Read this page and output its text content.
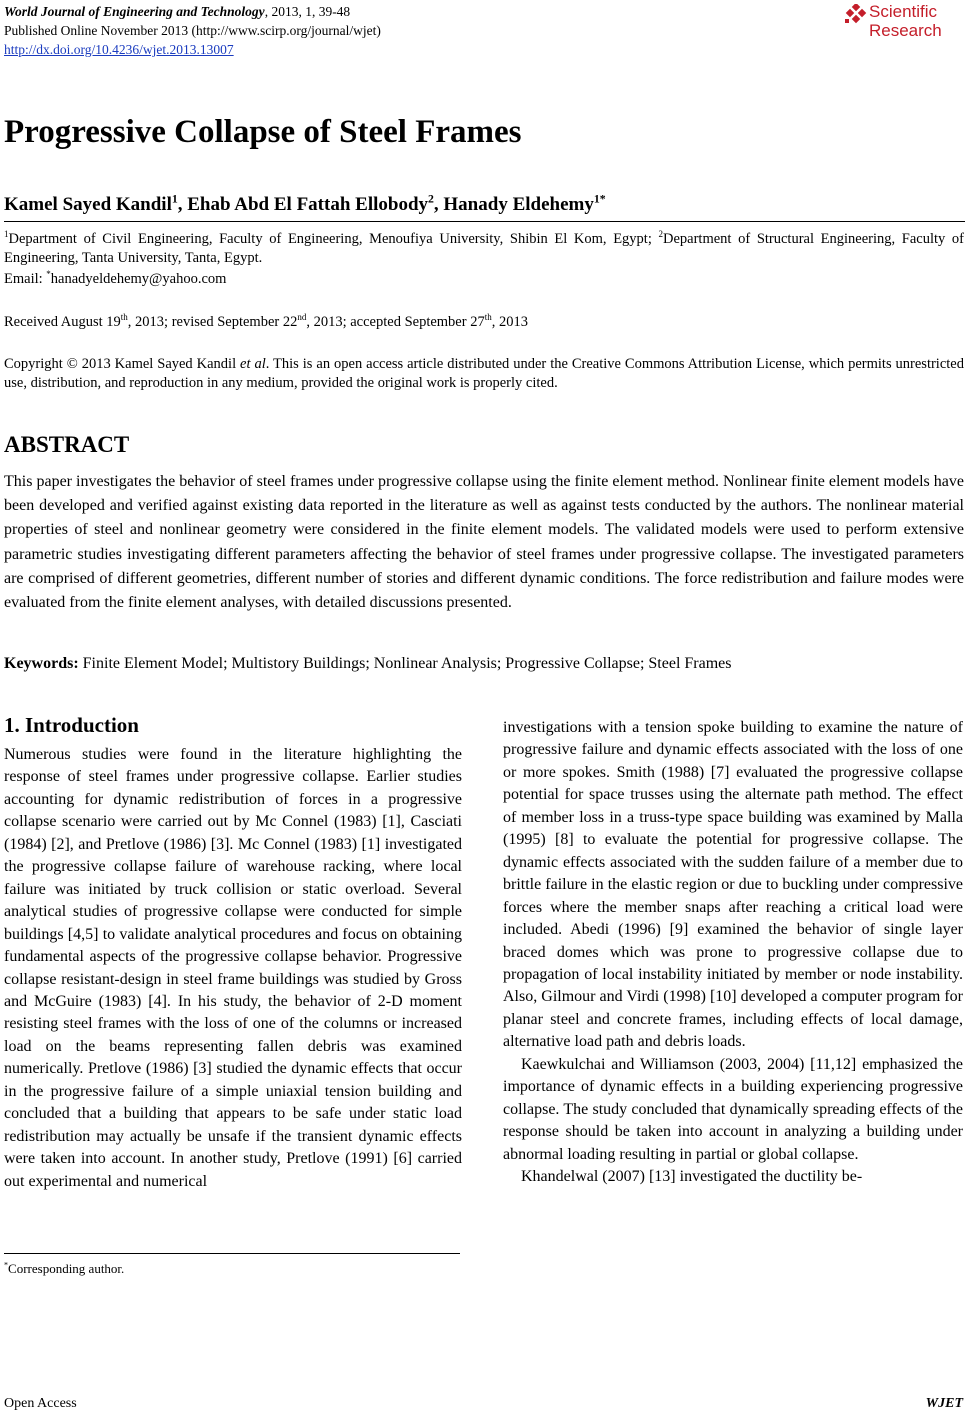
World Journal of Engineering and Technology, 2013, 1, 39-48
Published Online November 2013 (http://www.scirp.org/journal/wjet)
http://dx.doi.org/10.4236/wjet.2013.13007
Scientific Research
Progressive Collapse of Steel Frames
Kamel Sayed Kandil$^1$, Ehab Abd El Fattah Ellobody$^2$, Hanady Eldehemy$^{1*}$
$^1$Department of Civil Engineering, Faculty of Engineering, Menoufiya University, Shibin El Kom, Egypt; $^2$Department of Structural Engineering, Faculty of Engineering, Tanta University, Tanta, Egypt.
Email: *hanadyeldehemy@yahoo.com
Received August 19th, 2013; revised September 22nd, 2013; accepted September 27th, 2013
Copyright © 2013 Kamel Sayed Kandil et al. This is an open access article distributed under the Creative Commons Attribution License, which permits unrestricted use, distribution, and reproduction in any medium, provided the original work is properly cited.
ABSTRACT
This paper investigates the behavior of steel frames under progressive collapse using the finite element method. Nonlinear finite element models have been developed and verified against existing data reported in the literature as well as against tests conducted by the authors. The nonlinear material properties of steel and nonlinear geometry were considered in the finite element models. The validated models were used to perform extensive parametric studies investigating different parameters affecting the behavior of steel frames under progressive collapse. The investigated parameters are comprised of different geometries, different number of stories and different dynamic conditions. The force redistribution and failure modes were evaluated from the finite element analyses, with detailed discussions presented.
Keywords: Finite Element Model; Multistory Buildings; Nonlinear Analysis; Progressive Collapse; Steel Frames
1. Introduction

Numerous studies were found in the literature highlighting the response of steel frames under progressive collapse. Earlier studies accounting for dynamic redistribution of forces in a progressive collapse scenario were carried out by Mc Connel (1983) [1], Casciati (1984) [2], and Pretlove (1986) [3]. Mc Connel (1983) [1] investigated the progressive collapse failure of warehouse racking, where local failure was initiated by truck collision or static overload. Several analytical studies of progressive collapse were conducted for simple buildings [4,5] to validate analytical procedures and focus on obtaining fundamental aspects of the progressive collapse behavior. Progressive collapse resistant-design in steel frame buildings was studied by Gross and McGuire (1983) [4]. In his study, the behavior of 2-D moment resisting steel frames with the loss of one of the columns or increased load on the beams representing fallen debris was examined numerically. Pretlove (1986) [3] studied the dynamic effects that occur in the progressive failure of a simple uniaxial tension building and concluded that a building that appears to be safe under static load redistribution may actually be unsafe if the transient dynamic effects were taken into account. In another study, Pretlove (1991) [6] carried out experimental and numerical

investigations with a tension spoke building to examine the nature of progressive failure and dynamic effects associated with the loss of one or more spokes. Smith (1988) [7] evaluated the progressive collapse potential for space trusses using the alternate path method. The effect of member loss in a truss-type space building was examined by Malla (1995) [8] to evaluate the potential for progressive collapse. The dynamic effects associated with the sudden failure of a member due to brittle failure in the elastic region or due to buckling under compressive forces where the member snaps after reaching a critical load were included. Abedi (1996) [9] examined the behavior of single layer braced domes which was prone to progressive collapse due to propagation of local instability initiated by member or node instability. Also, Gilmour and Virdi (1998) [10] developed a computer program for planar steel and concrete frames, including effects of local damage, alternative load path and debris loads.

Kaewkulchai and Williamson (2003, 2004) [11,12] emphasized the importance of dynamic effects in a building experiencing progressive collapse. The study concluded that dynamically spreading effects of the response should be taken into account in analyzing a building under abnormal loading resulting in partial or global collapse.

Khandelwal (2007) [13] investigated the ductility be-

*Corresponding author.
Open Access	WJET
